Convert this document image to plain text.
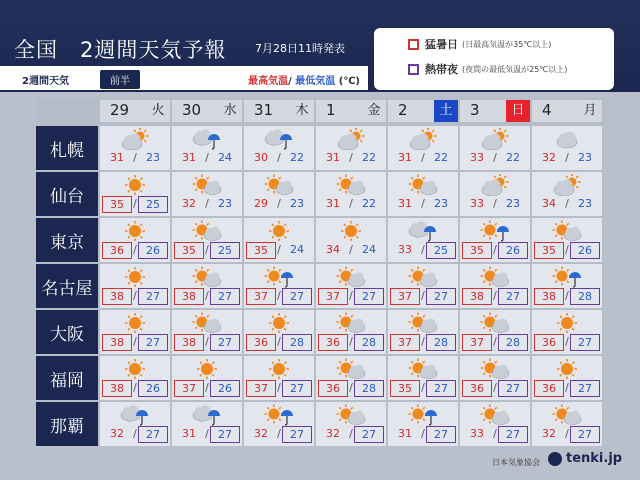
全国　2週間天気予報	7月28日11時発表
2週間天気	前半	最高気温/ 最低気温 (℃)
猛暑日 (日最高気温が35℃以上)
熱帯夜 (夜間の最低気温が25℃以上)
29	火	30	水	31	木	1	金	2	土	3	日	4	月
札幌	31 / 23	31 / 24	30 / 22	31 / 22	31 / 22	33 / 22	32 / 23
仙台	35 / 25	32 / 23	29 / 23	31 / 22	31 / 23	33 / 23	34 / 23
東京	36 / 26	35 / 25	35 / 24	34 / 24	33 / 25	35 / 26	35 / 26
名古屋	38 / 27	38 / 27	37 / 27	37 / 27	37 / 27	38 / 27	38 / 28
大阪	38 / 27	38 / 27	36 / 28	36 / 28	37 / 28	37 / 28	36 / 27
福岡	38 / 26	37 / 26	37 / 27	36 / 28	35 / 27	36 / 27	36 / 27
那覇	32 / 27	31 / 27	32 / 27	32 / 27	31 / 27	33 / 27	32 / 27
日本気象協会 tenki.jp
